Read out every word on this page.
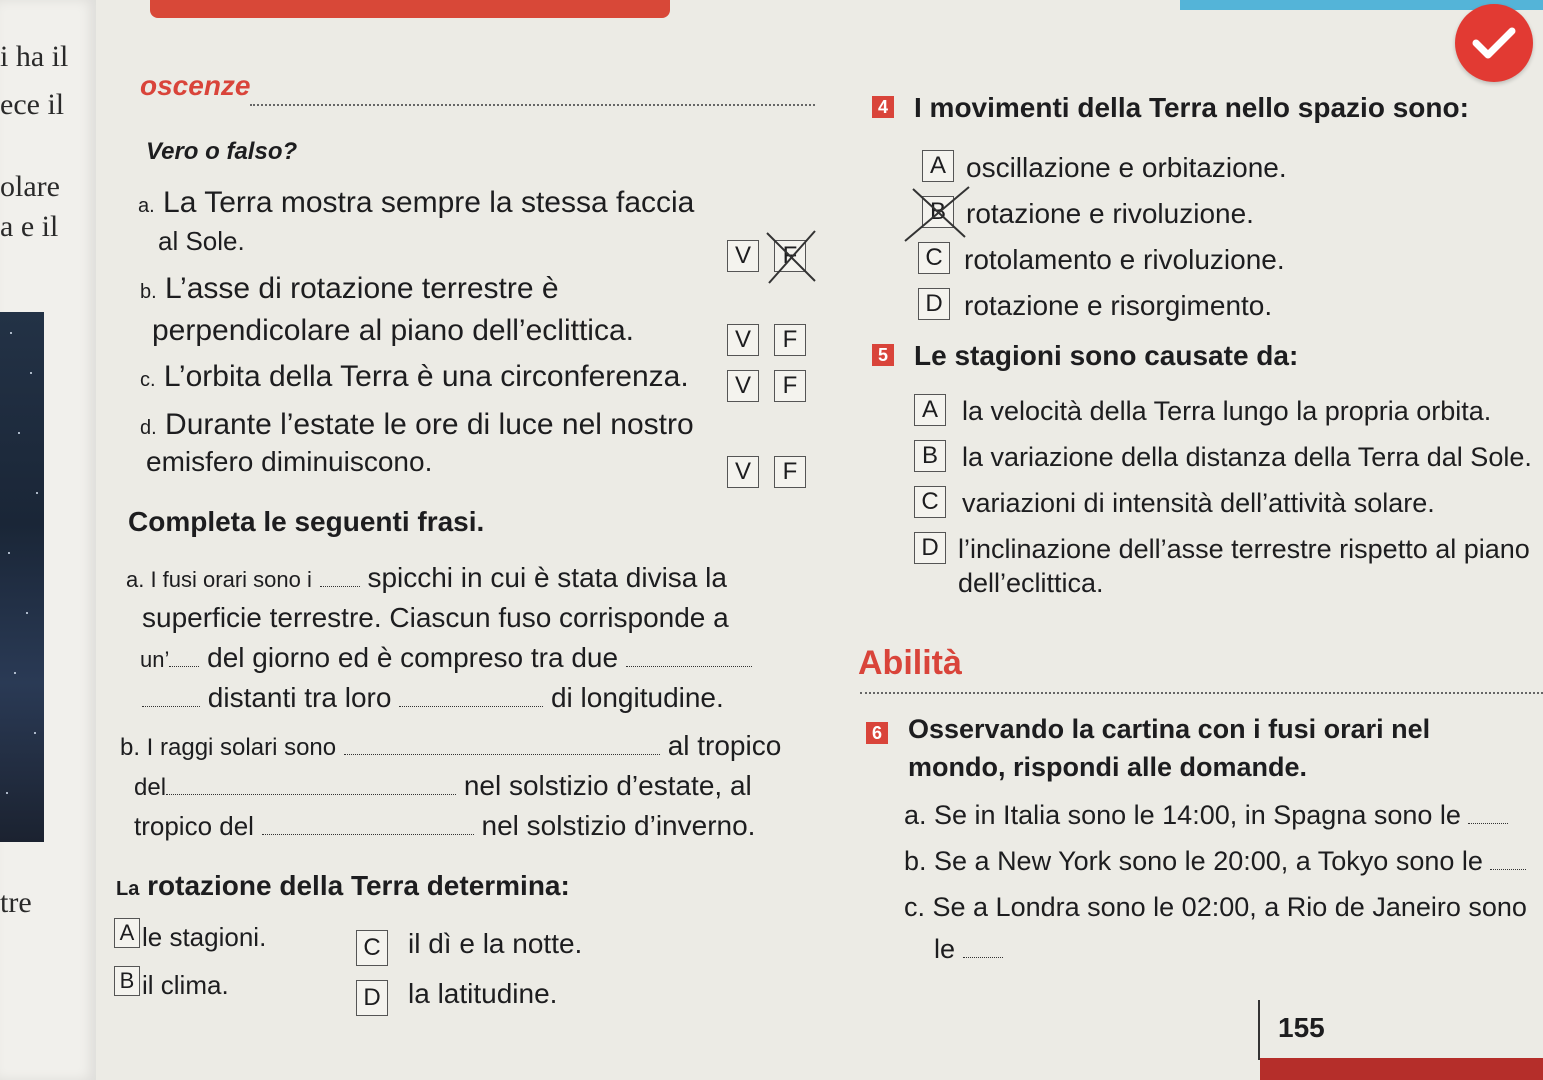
i ha il
ece il
olare
a e il
tre
oscenze
Vero o falso?
a. La Terra mostra sempre la stessa faccia
al Sole.	V	F
b. L’asse di rotazione terrestre è
perpendicolare al piano dell’eclittica.	V	F
c. L’orbita della Terra è una circonferenza.	V	F
d. Durante l’estate le ore di luce nel nostro
emisfero diminuiscono.	V	F
Completa le seguenti frasi.
a. I fusi orari sono i spicchi in cui è stata divisa la
superficie terrestre. Ciascun fuso corrisponde a
un’ del giorno ed è compreso tra due
distanti tra loro	di longitudine.
b. I raggi solari sono	al tropico
del	nel solstizio d’estate, al
tropico del	nel solstizio d’inverno.
La rotazione della Terra determina:
A le stagioni.
B il clima.
C il dì e la notte.
D la latitudine.
4 I movimenti della Terra nello spazio sono:
A oscillazione e orbitazione.
B rotazione e rivoluzione.
C rotolamento e rivoluzione.
D rotazione e risorgimento.
5 Le stagioni sono causate da:
A la velocità della Terra lungo la propria orbita.
B la variazione della distanza della Terra dal Sole.
C variazioni di intensità dell’attività solare.
D l’inclinazione dell’asse terrestre rispetto al piano
dell’eclittica.
Abilità
6 Osservando la cartina con i fusi orari nel
mondo, rispondi alle domande.
a. Se in Italia sono le 14:00, in Spagna sono le
b. Se a New York sono le 20:00, a Tokyo sono le
c. Se a Londra sono le 02:00, a Rio de Janeiro sono
le
155
